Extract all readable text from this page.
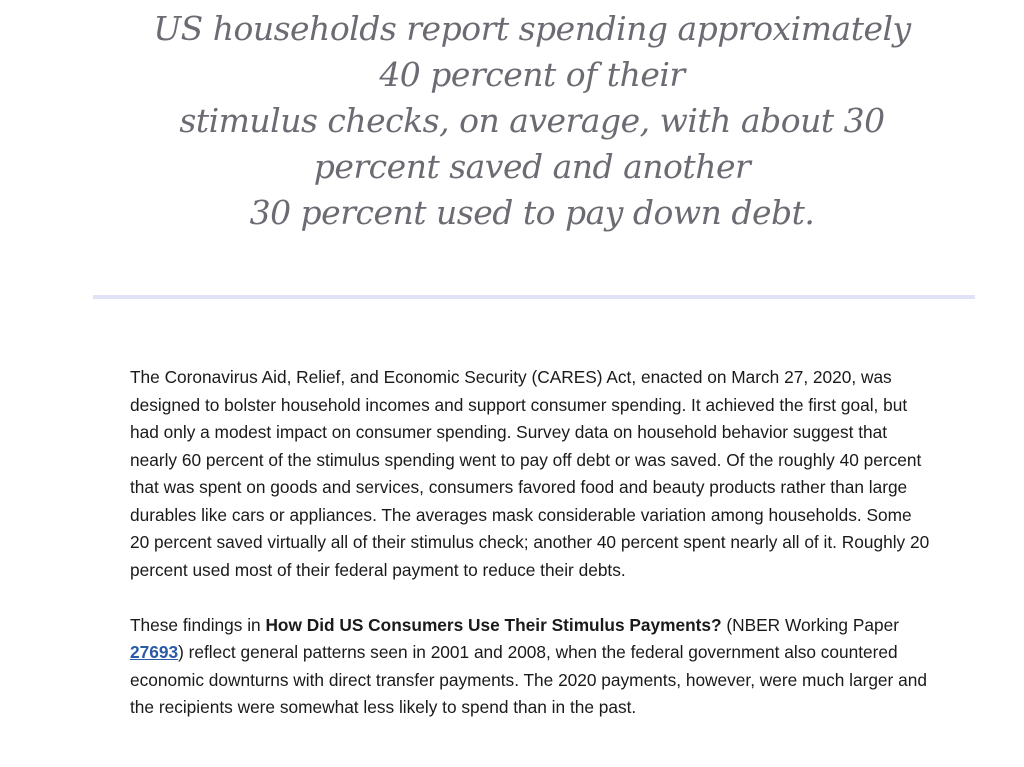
US households report spending approximately
40 percent of their
stimulus checks, on average, with about 30
percent saved and another
30 percent used to pay down debt.

The Coronavirus Aid, Relief, and Economic Security (CARES) Act, enacted on March 27, 2020, was designed to bolster household incomes and support consumer spending. It achieved the first goal, but had only a modest impact on consumer spending. Survey data on household behavior suggest that nearly 60 percent of the stimulus spending went to pay off debt or was saved. Of the roughly 40 percent that was spent on goods and services, consumers favored food and beauty products rather than large durables like cars or appliances. The averages mask considerable variation among households. Some 20 percent saved virtually all of their stimulus check; another 40 percent spent nearly all of it. Roughly 20 percent used most of their federal payment to reduce their debts.

These findings in How Did US Consumers Use Their Stimulus Payments? (NBER Working Paper 27693) reflect general patterns seen in 2001 and 2008, when the federal government also countered economic downturns with direct transfer payments. The 2020 payments, however, were much larger and the recipients were somewhat less likely to spend than in the past.
